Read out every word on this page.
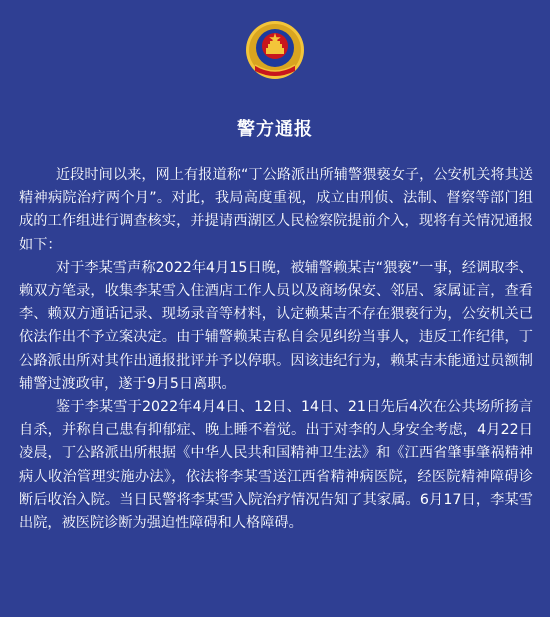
警方通报

近段时间以来，网上有报道称“丁公路派出所辅警猥亵女子，公安机关将其送精神病院治疗两个月”。对此，我局高度重视，成立由刑侦、法制、督察等部门组成的工作组进行调查核实，并提请西湖区人民检察院提前介入，现将有关情况通报如下：

对于李某雪声称2022年4月15日晚，被辅警赖某吉“猥亵”一事，经调取李、赖双方笔录，收集李某雪入住酒店工作人员以及商场保安、邻居、家属证言，查看李、赖双方通话记录、现场录音等材料，认定赖某吉不存在猥亵行为，公安机关已依法作出不予立案决定。由于辅警赖某吉私自会见纠纷当事人，违反工作纪律，丁公路派出所对其作出通报批评并予以停职。因该违纪行为，赖某吉未能通过员额制辅警过渡政审，遂于9月5日离职。

鉴于李某雪于2022年4月4日、12日、14日、21日先后4次在公共场所扬言自杀，并称自己患有抑郁症、晚上睡不着觉。出于对李的人身安全考虑，4月22日凌晨，丁公路派出所根据《中华人民共和国精神卫生法》和《江西省肇事肇祸精神病人收治管理实施办法》，依法将李某雪送江西省精神病医院，经医院精神障碍诊断后收治入院。当日民警将李某雪入院治疗情况告知了其家属。6月17日，李某雪出院，被医院诊断为强迫性障碍和人格障碍。
